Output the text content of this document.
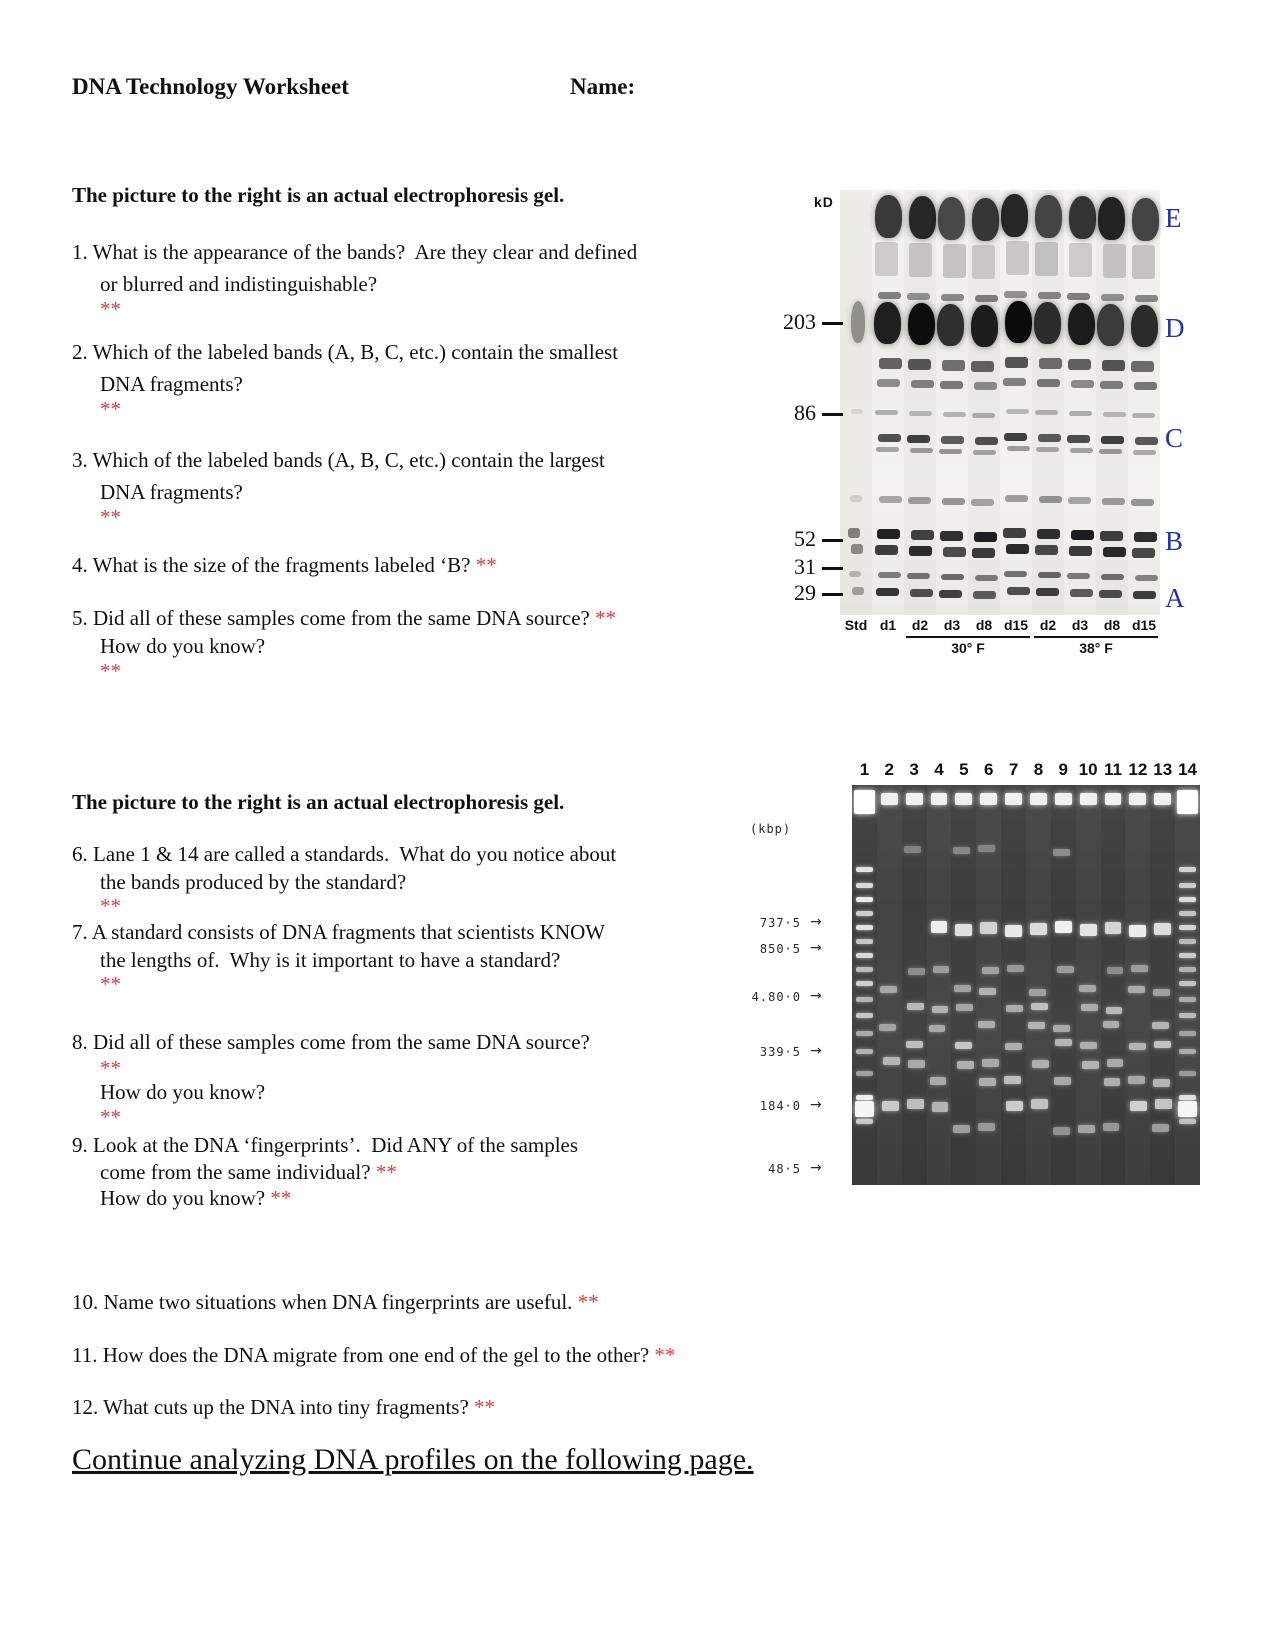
DNA Technology Worksheet	Name:
The picture to the right is an actual electrophoresis gel.
1. What is the appearance of the bands?  Are they clear and defined
or blurred and indistinguishable?
**
2. Which of the labeled bands (A, B, C, etc.) contain the smallest
DNA fragments?
**
3. Which of the labeled bands (A, B, C, etc.) contain the largest
DNA fragments?
**
4. What is the size of the fragments labeled ‘B? **
5. Did all of these samples come from the same DNA source? **
How do you know?
**
The picture to the right is an actual electrophoresis gel.
6. Lane 1 & 14 are called a standards.  What do you notice about
the bands produced by the standard?
**
7. A standard consists of DNA fragments that scientists KNOW
the lengths of.  Why is it important to have a standard?
**
8. Did all of these samples come from the same DNA source?
**
How do you know?
**
9. Look at the DNA ‘fingerprints’.  Did ANY of the samples
come from the same individual? **
How do you know? **
10. Name two situations when DNA fingerprints are useful. **
11. How does the DNA migrate from one end of the gel to the other? **
12. What cuts up the DNA into tiny fragments? **
kD
203
86
52
31
29
E
D
C
B
A
Std d1	d2	d3	d8 d15 d2	d3	d8 d15
30° F	38° F
(kbp)
1 2 3 4 5 6 7 8 9 10 11 12 13 14
737·5 →
850·5 →
4.80·0 →
339·5 →
184·0 →
48·5 →
Continue analyzing DNA profiles on the following page.
